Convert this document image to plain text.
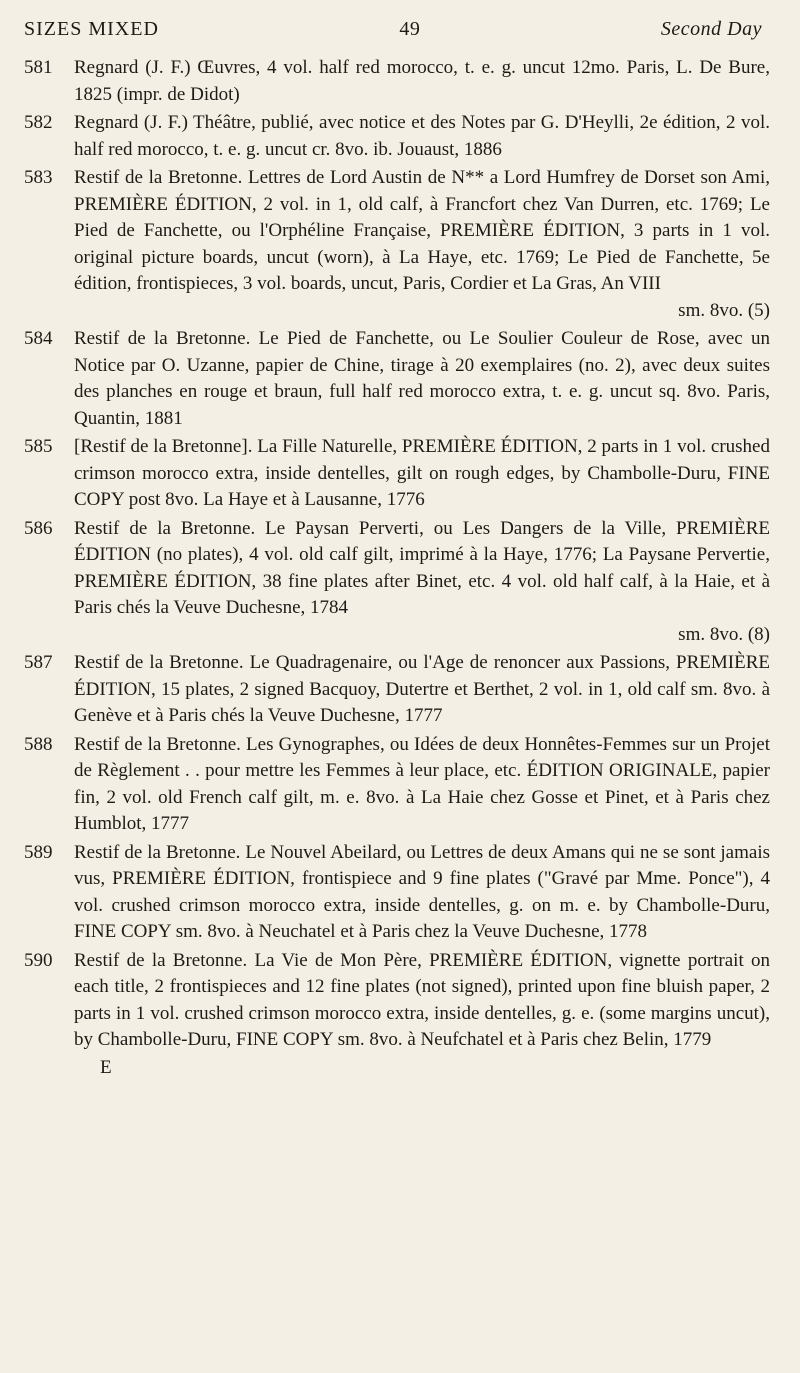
SIZES MIXED	49	Second Day
581	Regnard (J. F.) Œuvres, 4 vol. half red morocco, t. e. g. uncut 12mo. Paris, L. De Bure, 1825 (impr. de Didot)
582	Regnard (J. F.) Théâtre, publié, avec notice et des Notes par G. D'Heylli, 2e édition, 2 vol. half red morocco, t. e. g. uncut cr. 8vo. ib. Jouaust, 1886
583	Restif de la Bretonne. Lettres de Lord Austin de N** a Lord Humfrey de Dorset son Ami, PREMIÈRE ÉDITION, 2 vol. in 1, old calf, à Francfort chez Van Durren, etc. 1769; Le Pied de Fanchette, ou l'Orphéline Française, PREMIÈRE ÉDITION, 3 parts in 1 vol. original picture boards, uncut (worn), à La Haye, etc. 1769; Le Pied de Fanchette, 5e édition, frontispieces, 3 vol. boards, uncut, Paris, Cordier et La Gras, An VIII
sm. 8vo. (5)
584	Restif de la Bretonne. Le Pied de Fanchette, ou Le Soulier Couleur de Rose, avec un Notice par O. Uzanne, papier de Chine, tirage à 20 exemplaires (no. 2), avec deux suites des planches en rouge et braun, full half red morocco extra, t. e. g. uncut sq. 8vo. Paris, Quantin, 1881
585	[Restif de la Bretonne]. La Fille Naturelle, PREMIÈRE ÉDITION, 2 parts in 1 vol. crushed crimson morocco extra, inside dentelles, gilt on rough edges, by Chambolle-Duru, FINE COPY post 8vo. La Haye et à Lausanne, 1776
586	Restif de la Bretonne. Le Paysan Perverti, ou Les Dangers de la Ville, PREMIÈRE ÉDITION (no plates), 4 vol. old calf gilt, imprimé à la Haye, 1776; La Paysane Pervertie, PREMIÈRE ÉDITION, 38 fine plates after Binet, etc. 4 vol. old half calf, à la Haie, et à Paris chés la Veuve Duchesne, 1784
sm. 8vo. (8)
587	Restif de la Bretonne. Le Quadragenaire, ou l'Age de renoncer aux Passions, PREMIÈRE ÉDITION, 15 plates, 2 signed Bacquoy, Dutertre et Berthet, 2 vol. in 1, old calf sm. 8vo. à Genève et à Paris chés la Veuve Duchesne, 1777
588	Restif de la Bretonne. Les Gynographes, ou Idées de deux Honnêtes-Femmes sur un Projet de Règlement . . pour mettre les Femmes à leur place, etc. ÉDITION ORIGINALE, papier fin, 2 vol. old French calf gilt, m. e. 8vo. à La Haie chez Gosse et Pinet, et à Paris chez Humblot, 1777
589	Restif de la Bretonne. Le Nouvel Abeilard, ou Lettres de deux Amans qui ne se sont jamais vus, PREMIÈRE ÉDITION, frontispiece and 9 fine plates ("Gravé par Mme. Ponce"), 4 vol. crushed crimson morocco extra, inside dentelles, g. on m. e. by Chambolle-Duru, FINE COPY sm. 8vo. à Neuchatel et à Paris chez la Veuve Duchesne, 1778
590	Restif de la Bretonne. La Vie de Mon Père, PREMIÈRE ÉDITION, vignette portrait on each title, 2 frontispieces and 12 fine plates (not signed), printed upon fine bluish paper, 2 parts in 1 vol. crushed crimson morocco extra, inside dentelles, g. e. (some margins uncut), by Chambolle-Duru, FINE COPY sm. 8vo. à Neufchatel et à Paris chez Belin, 1779
E
